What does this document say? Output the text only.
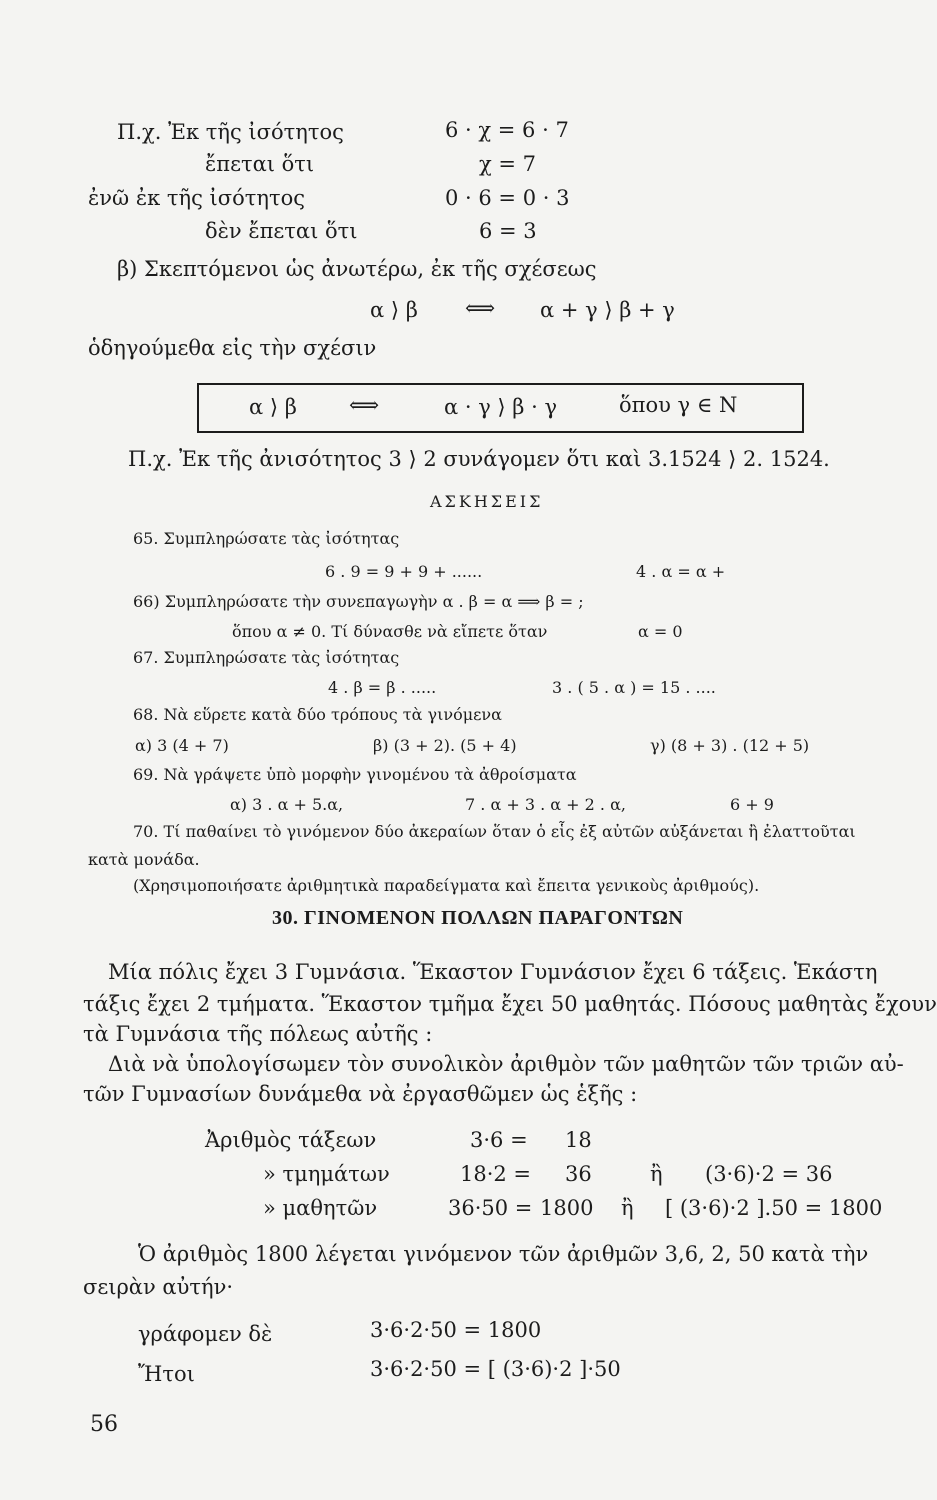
Π.χ. Ἐκ τῆς ἰσότητος	6 · χ = 6 · 7
ἔπεται ὅτι	χ = 7
ἐνῶ ἐκ τῆς ἰσότητος	0 · 6 = 0 · 3
δὲν ἔπεται ὅτι	6 = 3
β) Σκεπτόμενοι ὡς ἀνωτέρω, ἐκ τῆς σχέσεως
α ⟩ β ⟺ α + γ ⟩ β + γ
ὁδηγούμεθα εἰς τὴν σχέσιν
α ⟩ β ⟺	α · γ ⟩ β · γ	ὅπου γ ∈ N
Π.χ. Ἐκ τῆς ἀνισότητος 3 ⟩ 2 συνάγομεν ὅτι καὶ 3.1524 ⟩ 2. 1524.
ΑΣΚΗΣΕΙΣ
65. Συμπληρώσατε τὰς ἰσότητας
6 . 9 = 9 + 9 + ......	4 . α = α +
66) Συμπληρώσατε τὴν συνεπαγωγὴν α . β = α ⟹ β = ;
ὅπου α ≠ 0. Τί δύνασθε νὰ εἴπετε ὅταν	α = 0
67. Συμπληρώσατε τὰς ἰσότητας
4 . β = β . .....	3 . ( 5 . α ) = 15 . ....
68. Νὰ εὕρετε κατὰ δύο τρόπους τὰ γινόμενα
α) 3 (4 + 7)	β) (3 + 2). (5 + 4)	γ) (8 + 3) . (12 + 5)
69. Νὰ γράψετε ὑπὸ μορφὴν γινομένου τὰ ἀθροίσματα
α) 3 . α + 5.α,	7 . α + 3 . α + 2 . α,	6 + 9
70. Τί παθαίνει τὸ γινόμενον δύο ἀκεραίων ὅταν ὁ εἷς ἐξ αὐτῶν αὐξάνεται ἢ ἐλαττοῦται
κατὰ μονάδα.
(Χρησιμοποιήσατε ἀριθμητικὰ παραδείγματα καὶ ἔπειτα γενικοὺς ἀριθμούς).
30. ΓΙΝΟΜΕΝΟΝ ΠΟΛΛΩΝ ΠΑΡΑΓΟΝΤΩΝ
Μία πόλις ἔχει 3 Γυμνάσια. Ἕκαστον Γυμνάσιον ἔχει 6 τάξεις. Ἑκάστη
τάξις ἔχει 2 τμήματα. Ἕκαστον τμῆμα ἔχει 50 μαθητάς. Πόσους μαθητὰς ἔχουν
τὰ Γυμνάσια τῆς πόλεως αὐτῆς :
Διὰ νὰ ὑπολογίσωμεν τὸν συνολικὸν ἀριθμὸν τῶν μαθητῶν τῶν τριῶν αὐ-
τῶν Γυμνασίων δυνάμεθα νὰ ἐργασθῶμεν ὡς ἑξῆς :
Ἀριθμὸς τάξεων	3·6 = 18
» τμημάτων	18·2 = 36	ἢ (3·6)·2 = 36
» μαθητῶν	36·50 = 1800 ἢ [ (3·6)·2 ].50 = 1800
Ὁ ἀριθμὸς 1800 λέγεται γινόμενον τῶν ἀριθμῶν 3,6, 2, 50 κατὰ τὴν
σειρὰν αὐτήν·
γράφομεν δὲ	3·6·2·50 = 1800
Ἤτοι	3·6·2·50 = [ (3·6)·2 ]·50
56
